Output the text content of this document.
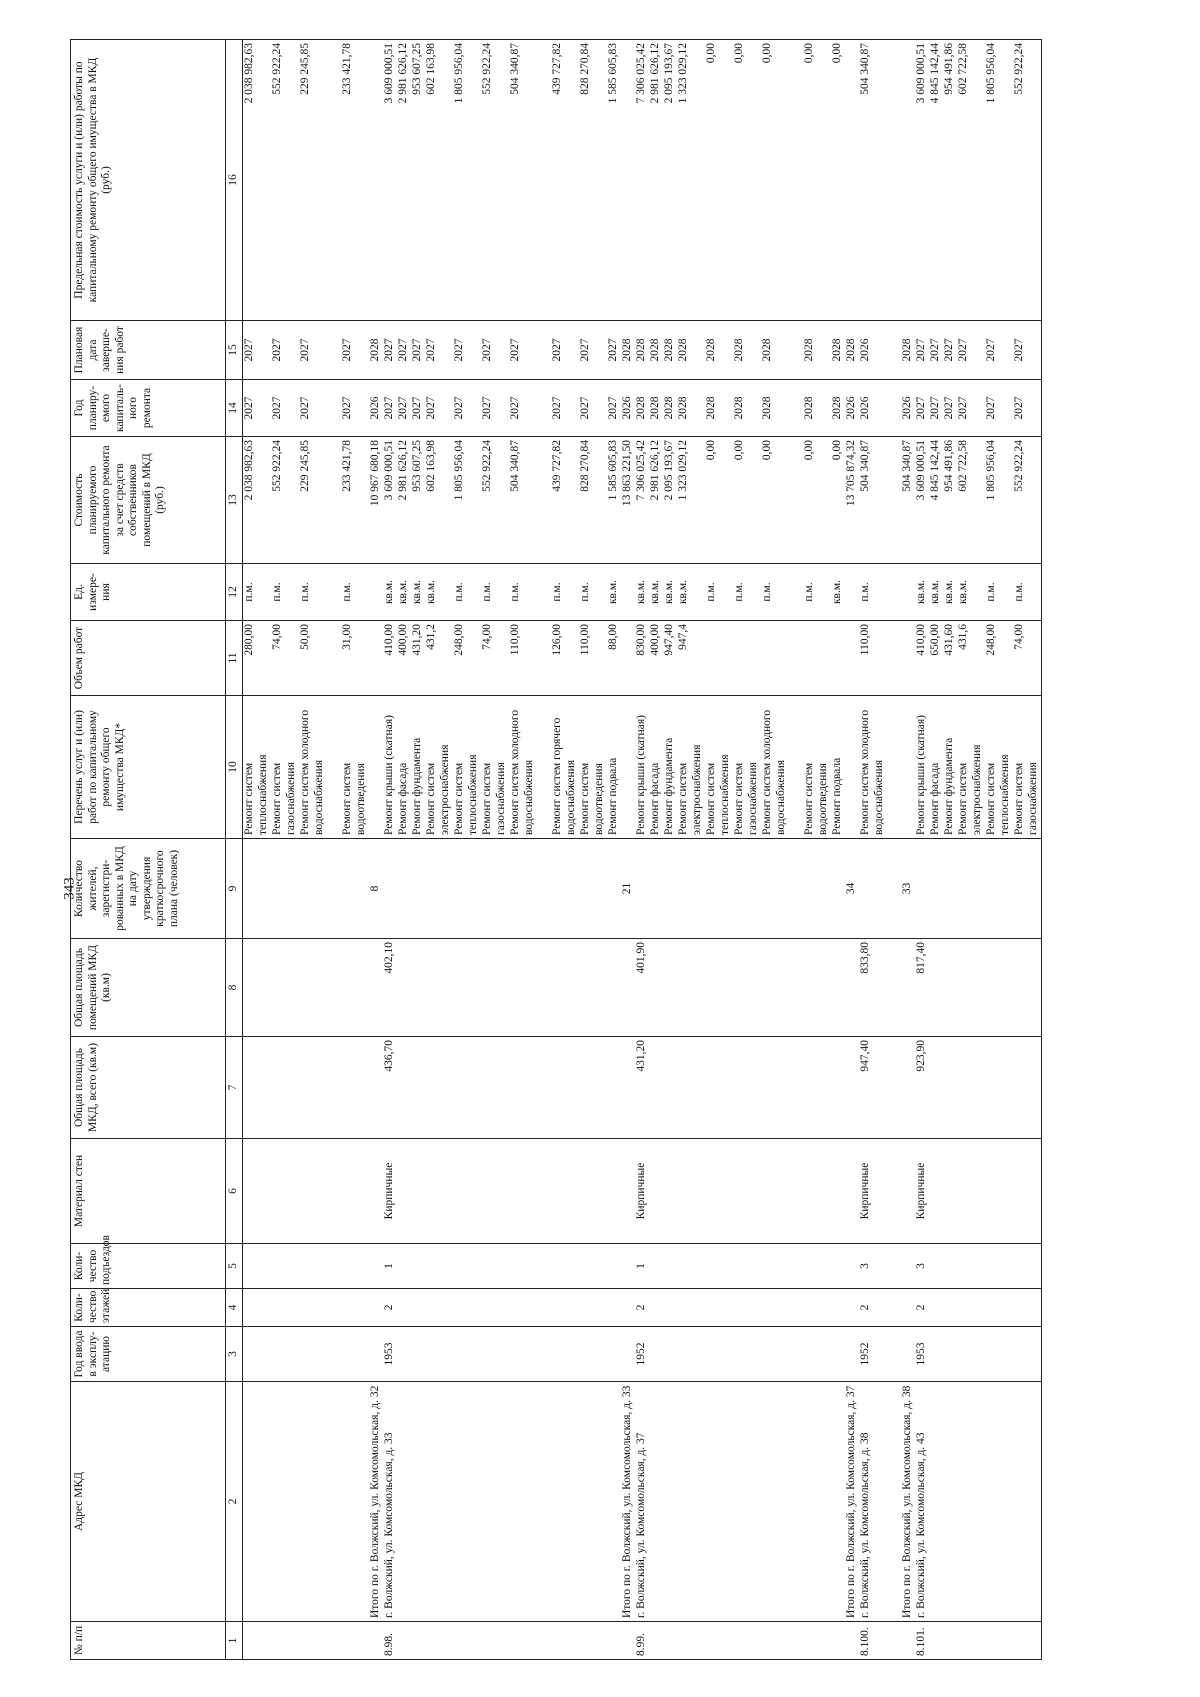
343
№ п/п	Адрес МКД	Год ввода в эксплу-атацию	Коли-чество этажей	Коли-чество подъездов	Материал стен	Общая площадь МКД, всего (кв.м)	Общая площадь помещений МКД (кв.м)	Количество жителей, зарегистри-рованных в МКД на дату утверждения краткосрочного плана (человек)	Перечень услуг и (или) работ по капитальному ремонту общего имущества МКД*	Объем работ	Ед. измере-ния	Стоимость планируемого капитального ремонта за счет средств собственников помещений в МКД (руб.)	Год планиру-емого капиталь-ного ремонта	Плановая дата заверше-ния работ	Предельная стоимость услуги и (или) работы по капитальному ремонту общего имущества в МКД (руб.)
1	2	3	4	5	6	7	8	9	10	11	12	13	14	15	16
									Ремонт систем	280,00	п.м.	2 038 982,63	2027	2027	2 038 982,63
									теплоснабжения						
									Ремонт систем	74,00	п.м.	552 922,24	2027	2027	552 922,24
									газоснабжения						
									Ремонт систем холодного	50,00	п.м.	229 245,85	2027	2027	229 245,85
									водоснабжения						

									Ремонт систем	31,00	п.м.	233 421,78	2027	2027	233 421,78
									водоотведения						
	Итого по г. Волжский, ул. Комсомольская, д. 32							8				10 967 680,18	2026	2028	
8.98.	г. Волжский, ул. Комсомольская, д. 33	1953	2	1	Кирпичные	436,70	402,10		Ремонт крыши (скатная)	410,00	кв.м.	3 609 000,51	2027	2027	3 609 000,51
									Ремонт фасада	400,00	кв.м.	2 981 626,12	2027	2027	2 981 626,12
									Ремонт фундамента	431,20	кв.м.	953 607,25	2027	2027	953 607,25
									Ремонт систем	431,2	кв.м.	602 163,98	2027	2027	602 163,98
									электроснабжения						
									Ремонт систем	248,00	п.м.	1 805 956,04	2027	2027	1 805 956,04
									теплоснабжения						
									Ремонт систем	74,00	п.м.	552 922,24	2027	2027	552 922,24
									газоснабжения						
									Ремонт систем холодного	110,00	п.м.	504 340,87	2027	2027	504 340,87
									водоснабжения						

									Ремонт систем горячего	126,00	п.м.	439 727,82	2027	2027	439 727,82
									водоснабжения						
									Ремонт систем	110,00	п.м.	828 270,84	2027	2027	828 270,84
									водоотведения						
									Ремонт подвала	88,00	кв.м.	1 585 605,83	2027	2027	1 585 605,83
	Итого по г. Волжский, ул. Комсомольская, д. 33							21				13 863 221,50	2026	2028	
8.99.	г. Волжский, ул. Комсомольская, д. 37	1952	2	1	Кирпичные	431,20	401,90		Ремонт крыши (скатная)	830,00	кв.м.	7 306 025,42	2028	2028	7 306 025,42
									Ремонт фасада	400,00	кв.м.	2 981 626,12	2028	2028	2 981 626,12
									Ремонт фундамента	947,40	кв.м.	2 095 193,67	2028	2028	2 095 193,67
									Ремонт систем	947,4	кв.м.	1 323 029,12	2028	2028	1 323 029,12
									электроснабжения						
									Ремонт систем		п.м.	0,00	2028	2028	0,00
									теплоснабжения						
									Ремонт систем		п.м.	0,00	2028	2028	0,00
									газоснабжения						
									Ремонт систем холодного		п.м.	0,00	2028	2028	0,00
									водоснабжения						

									Ремонт систем		п.м.	0,00	2028	2028	0,00
									водоотведения						
									Ремонт подвала		кв.м.	0,00	2028	2028	0,00
	Итого по г. Волжский, ул. Комсомольская, д. 37							34				13 705 874,32	2026	2028	
8.100.	г. Волжский, ул. Комсомольская, д. 38	1952	2	3	Кирпичные	947,40	833,80		Ремонт систем холодного	110,00	п.м.	504 340,87	2026	2026	504 340,87
									водоснабжения						

	Итого по г. Волжский, ул. Комсомольская, д. 38							33				504 340,87	2026	2028	
8.101.	г. Волжский, ул. Комсомольская, д. 43	1953	2	3	Кирпичные	923,90	817,40		Ремонт крыши (скатная)	410,00	кв.м.	3 609 000,51	2027	2027	3 609 000,51
									Ремонт фасада	650,00	кв.м.	4 845 142,44	2027	2027	4 845 142,44
									Ремонт фундамента	431,60	кв.м.	954 491,86	2027	2027	954 491,86
									Ремонт систем	431,6	кв.м.	602 722,58	2027	2027	602 722,58
									электроснабжения						
									Ремонт систем	248,00	п.м.	1 805 956,04	2027	2027	1 805 956,04
									теплоснабжения						
									Ремонт систем	74,00	п.м.	552 922,24	2027	2027	552 922,24
									газоснабжения						
